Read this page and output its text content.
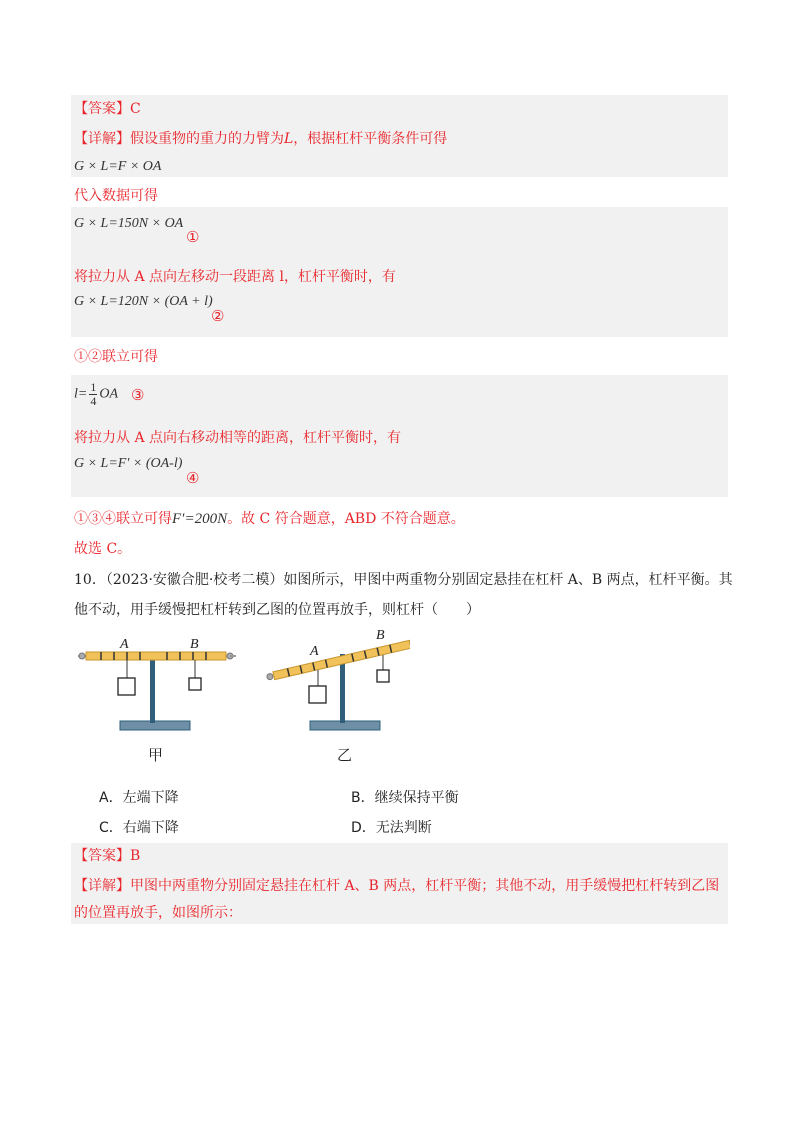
【答案】C
【详解】假设重物的重力的力臂为L，根据杠杆平衡条件可得
G × L=F × OA
代入数据可得
G × L=150N × OA
①
将拉力从 A 点向左移动一段距离 l，杠杆平衡时，有
G × L=120N × (OA + l)
②
①②联立可得
$l= \frac{1}{4}$ OA ③
将拉力从 A 点向右移动相等的距离，杠杆平衡时，有
G × L=F′ × (OA-l)
④
①③④联立可得F′=200N。故 C 符合题意，ABD 不符合题意。
故选 C。
10．（2023·安徽合肥·校考二模）如图所示，甲图中两重物分别固定悬挂在杠杆 A、B 两点，杠杆平衡。其
他不动，用手缓慢把杠杆转到乙图的位置再放手，则杠杆（　　）
A	B	A
B
甲	乙
A．左端下降	B．继续保持平衡
C．右端下降	D．无法判断
【答案】B
【详解】甲图中两重物分别固定悬挂在杠杆 A、B 两点，杠杆平衡；其他不动，用手缓慢把杠杆转到乙图
的位置再放手，如图所示：
